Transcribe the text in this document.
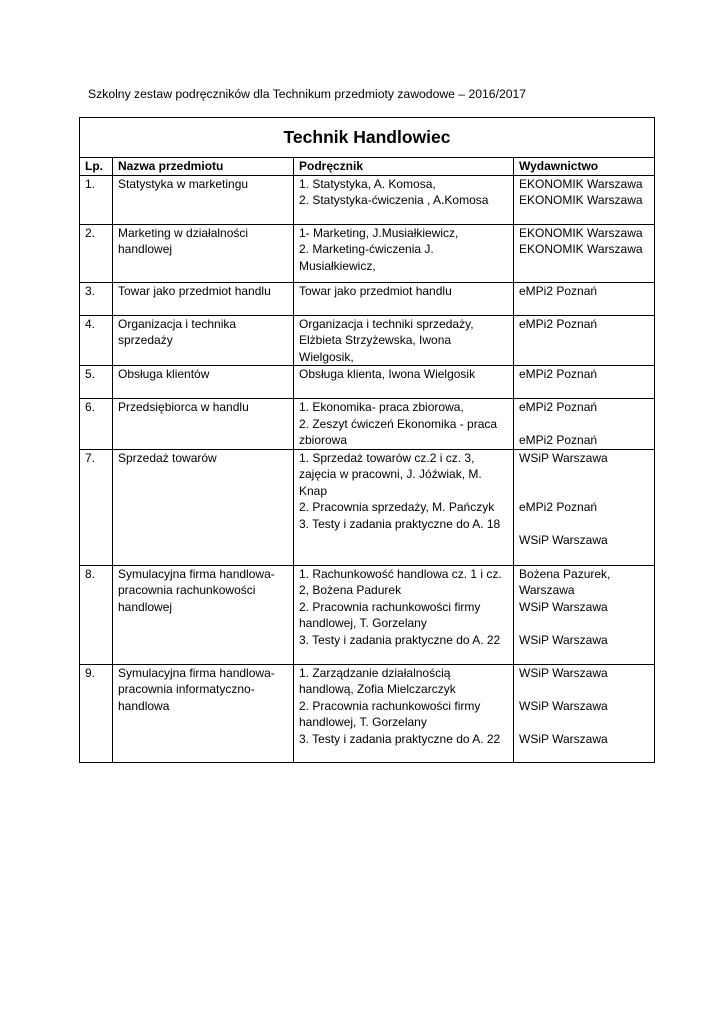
Szkolny zestaw podręczników dla Technikum przedmioty zawodowe – 2016/2017
Technik Handlowiec			
Lp.	Nazwa przedmiotu	Podręcznik	Wydawnictwo
1.	Statystyka w marketingu	1. Statystyka, A. Komosa,
2. Statystyka-ćwiczenia , A.Komosa	EKONOMIK Warszawa
EKONOMIK Warszawa

2.	Marketing w działalności
handlowej	1- Marketing, J.Musiałkiewicz,
2. Marketing-ćwiczenia J.
Musiałkiewicz,	EKONOMIK Warszawa
EKONOMIK Warszawa

3.	Towar jako przedmiot handlu	Towar jako przedmiot handlu	eMPi2 Poznań

4.	Organizacja i technika
sprzedaży	Organizacja i techniki sprzedaży,
Elżbieta Strzyżewska, Iwona
Wielgosik,	eMPi2 Poznań

5.	Obsługa klientów	Obsługa klienta, Iwona Wielgosik	eMPi2 Poznań

6.	Przedsiębiorca w handlu	1. Ekonomika- praca zbiorowa,
2. Zeszyt ćwiczeń Ekonomika - praca
zbiorowa	eMPi2 Poznań
eMPi2 Poznań

7.	Sprzedaż towarów	1. Sprzedaż towarów cz.2 i cz. 3,
zajęcia w pracowni, J. Jóźwiak, M.
Knap
2. Pracownia sprzedaży, M. Pańczyk
3. Testy i zadania praktyczne do A. 18	WSiP Warszawa
eMPi2 Poznań
WSiP Warszawa

8.	Symulacyjna firma handlowa-
pracownia rachunkowości
handlowej	1. Rachunkowość handlowa cz. 1 i cz.
2, Bożena Padurek
2. Pracownia rachunkowości firmy
handlowej, T. Gorzelany
3. Testy i zadania praktyczne do A. 22	Bożena Pazurek,
Warszawa
WSiP Warszawa
WSiP Warszawa

9.	Symulacyjna firma handlowa-
pracownia informatyczno-
handlowa	1. Zarządzanie działalnością
handlową, Zofia Mielczarczyk
2. Pracownia rachunkowości firmy
handlowej, T. Gorzelany
3. Testy i zadania praktyczne do A. 22	WSiP Warszawa
WSiP Warszawa
WSiP Warszawa
